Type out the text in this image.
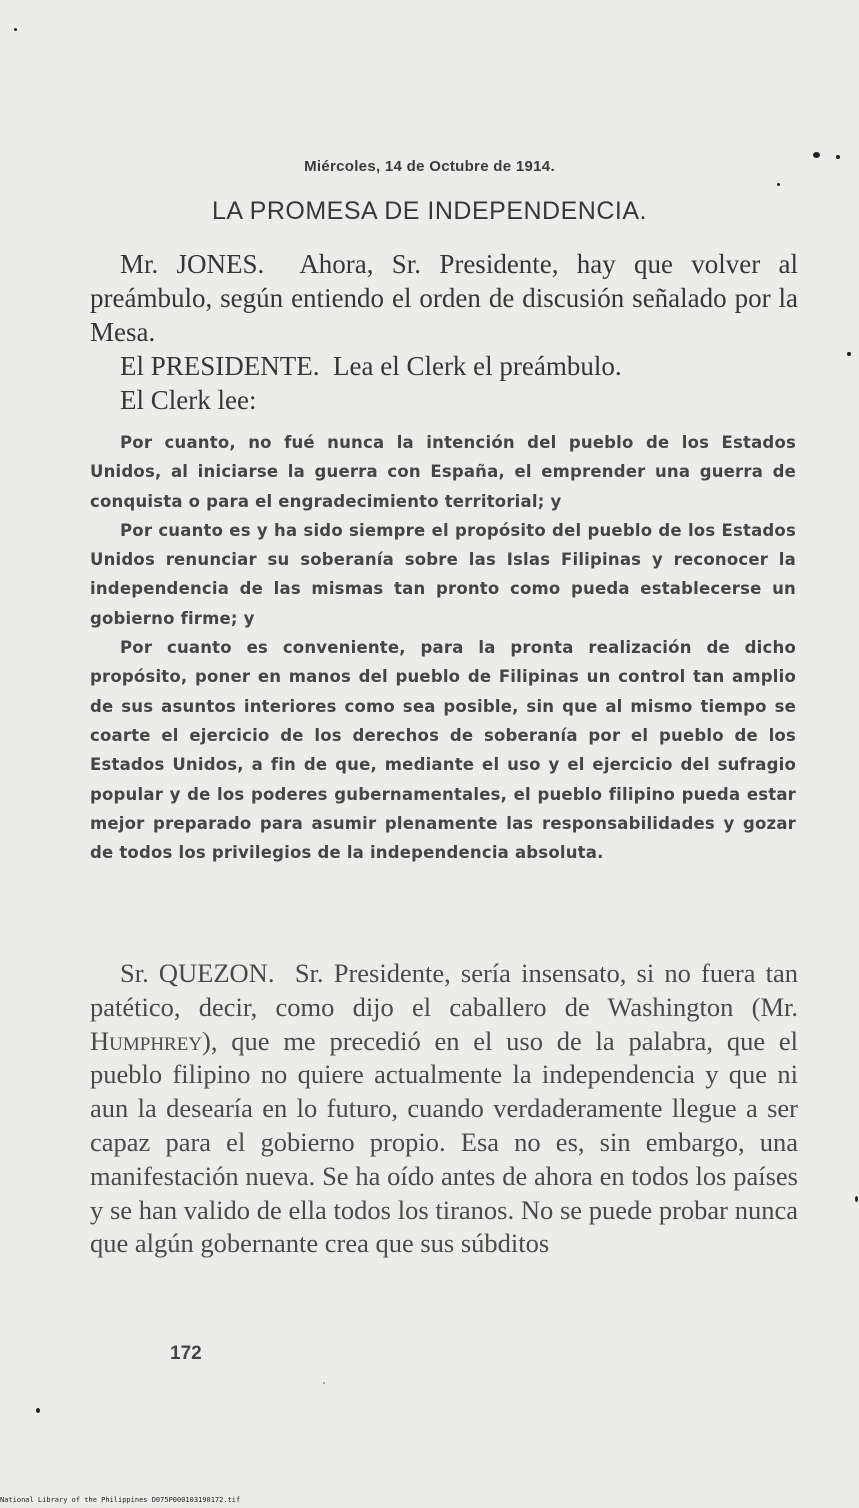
Miércoles, 14 de Octubre de 1914.
LA PROMESA DE INDEPENDENCIA.

Mr. JONES. Ahora, Sr. Presidente, hay que volver al preámbulo, según entiendo el orden de discusión señalado por la Mesa.

El PRESIDENTE. Lea el Clerk el preámbulo.

El Clerk lee:

Por cuanto, no fué nunca la intención del pueblo de los Estados Unidos, al iniciarse la guerra con España, el emprender una guerra de conquista o para el engradecimiento territorial; y

Por cuanto es y ha sido siempre el propósito del pueblo de los Estados Unidos renunciar su soberanía sobre las Islas Filipinas y reconocer la independencia de las mismas tan pronto como pueda establecerse un gobierno firme; y

Por cuanto es conveniente, para la pronta realización de dicho propósito, poner en manos del pueblo de Filipinas un control tan amplio de sus asuntos interiores como sea posible, sin que al mismo tiempo se coarte el ejercicio de los derechos de soberanía por el pueblo de los Estados Unidos, a fin de que, mediante el uso y el ejercicio del sufragio popular y de los poderes gubernamentales, el pueblo filipino pueda estar mejor preparado para asumir plenamente las responsabilidades y gozar de todos los privilegios de la independencia absoluta.

Sr. QUEZON. Sr. Presidente, sería insensato, si no fuera tan patético, decir, como dijo el caballero de Washington (Mr. Humphrey), que me precedió en el uso de la palabra, que el pueblo filipino no quiere actualmente la independencia y que ni aun la desearía en lo futuro, cuando verdaderamente llegue a ser capaz para el gobierno propio. Esa no es, sin embargo, una manifestación nueva. Se ha oído antes de ahora en todos los países y se han valido de ella todos los tiranos. No se puede probar nunca que algún gobernante crea que sus súbditos

172
National Library of the Philippines D075P000103190172.tif
